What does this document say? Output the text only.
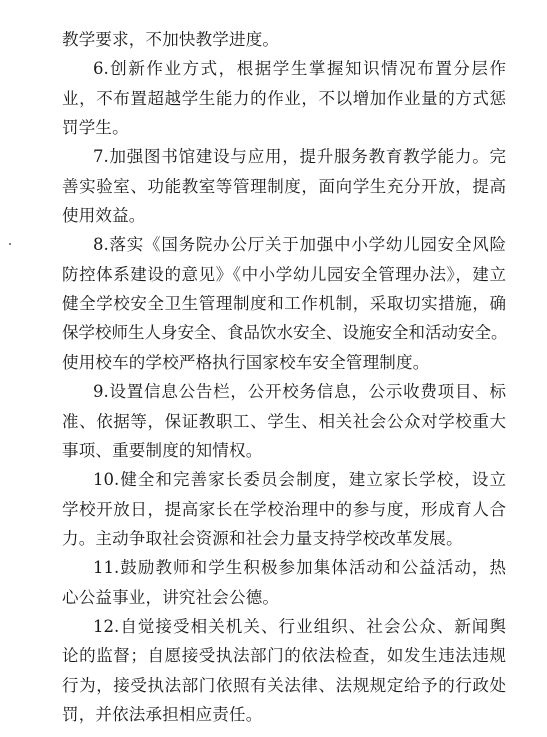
教学要求，不加快教学进度。
6.创新作业方式，根据学生掌握知识情况布置分层作
业，不布置超越学生能力的作业，不以增加作业量的方式惩
罚学生。
7.加强图书馆建设与应用，提升服务教育教学能力。完
善实验室、功能教室等管理制度，面向学生充分开放，提高
使用效益。
8.落实《国务院办公厅关于加强中小学幼儿园安全风险
防控体系建设的意见》《中小学幼儿园安全管理办法》，建立
健全学校安全卫生管理制度和工作机制，采取切实措施，确
保学校师生人身安全、食品饮水安全、设施安全和活动安全。
使用校车的学校严格执行国家校车安全管理制度。
9.设置信息公告栏，公开校务信息，公示收费项目、标
准、依据等，保证教职工、学生、相关社会公众对学校重大
事项、重要制度的知情权。
10.健全和完善家长委员会制度，建立家长学校，设立
学校开放日，提高家长在学校治理中的参与度，形成育人合
力。主动争取社会资源和社会力量支持学校改革发展。
11.鼓励教师和学生积极参加集体活动和公益活动，热
心公益事业，讲究社会公德。
12.自觉接受相关机关、行业组织、社会公众、新闻舆
论的监督；自愿接受执法部门的依法检查，如发生违法违规
行为，接受执法部门依照有关法律、法规规定给予的行政处
罚，并依法承担相应责任。
